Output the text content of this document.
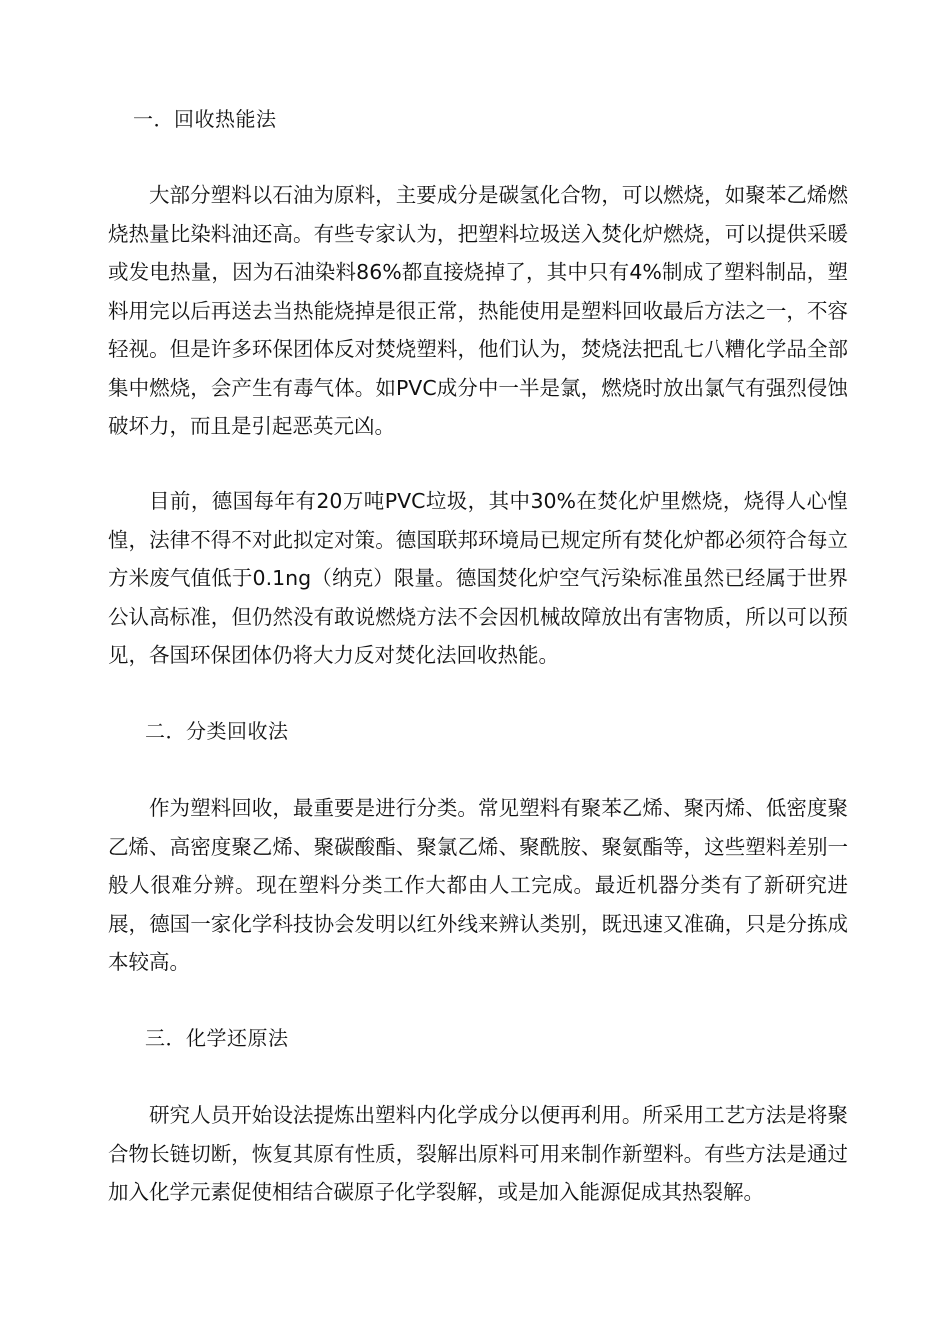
一．回收热能法

大部分塑料以石油为原料，主要成分是碳氢化合物，可以燃烧，如聚苯乙烯燃烧热量比染料油还高。有些专家认为，把塑料垃圾送入焚化炉燃烧，可以提供采暖或发电热量，因为石油染料86%都直接烧掉了，其中只有4%制成了塑料制品，塑料用完以后再送去当热能烧掉是很正常，热能使用是塑料回收最后方法之一，不容轻视。但是许多环保团体反对焚烧塑料，他们认为，焚烧法把乱七八糟化学品全部集中燃烧，会产生有毒气体。如PVC成分中一半是氯，燃烧时放出氯气有强烈侵蚀破坏力，而且是引起恶英元凶。

目前，德国每年有20万吨PVC垃圾，其中30%在焚化炉里燃烧，烧得人心惶惶，法律不得不对此拟定对策。德国联邦环境局已规定所有焚化炉都必须符合每立方米废气值低于0.1ng（纳克）限量。德国焚化炉空气污染标准虽然已经属于世界公认高标准，但仍然没有敢说燃烧方法不会因机械故障放出有害物质，所以可以预见，各国环保团体仍将大力反对焚化法回收热能。

二．分类回收法

作为塑料回收，最重要是进行分类。常见塑料有聚苯乙烯、聚丙烯、低密度聚乙烯、高密度聚乙烯、聚碳酸酯、聚氯乙烯、聚酰胺、聚氨酯等，这些塑料差别一般人很难分辨。现在塑料分类工作大都由人工完成。最近机器分类有了新研究进展，德国一家化学科技协会发明以红外线来辨认类别，既迅速又准确，只是分拣成本较高。

三．化学还原法

研究人员开始设法提炼出塑料内化学成分以便再利用。所采用工艺方法是将聚合物长链切断，恢复其原有性质，裂解出原料可用来制作新塑料。有些方法是通过加入化学元素促使相结合碳原子化学裂解，或是加入能源促成其热裂解。
